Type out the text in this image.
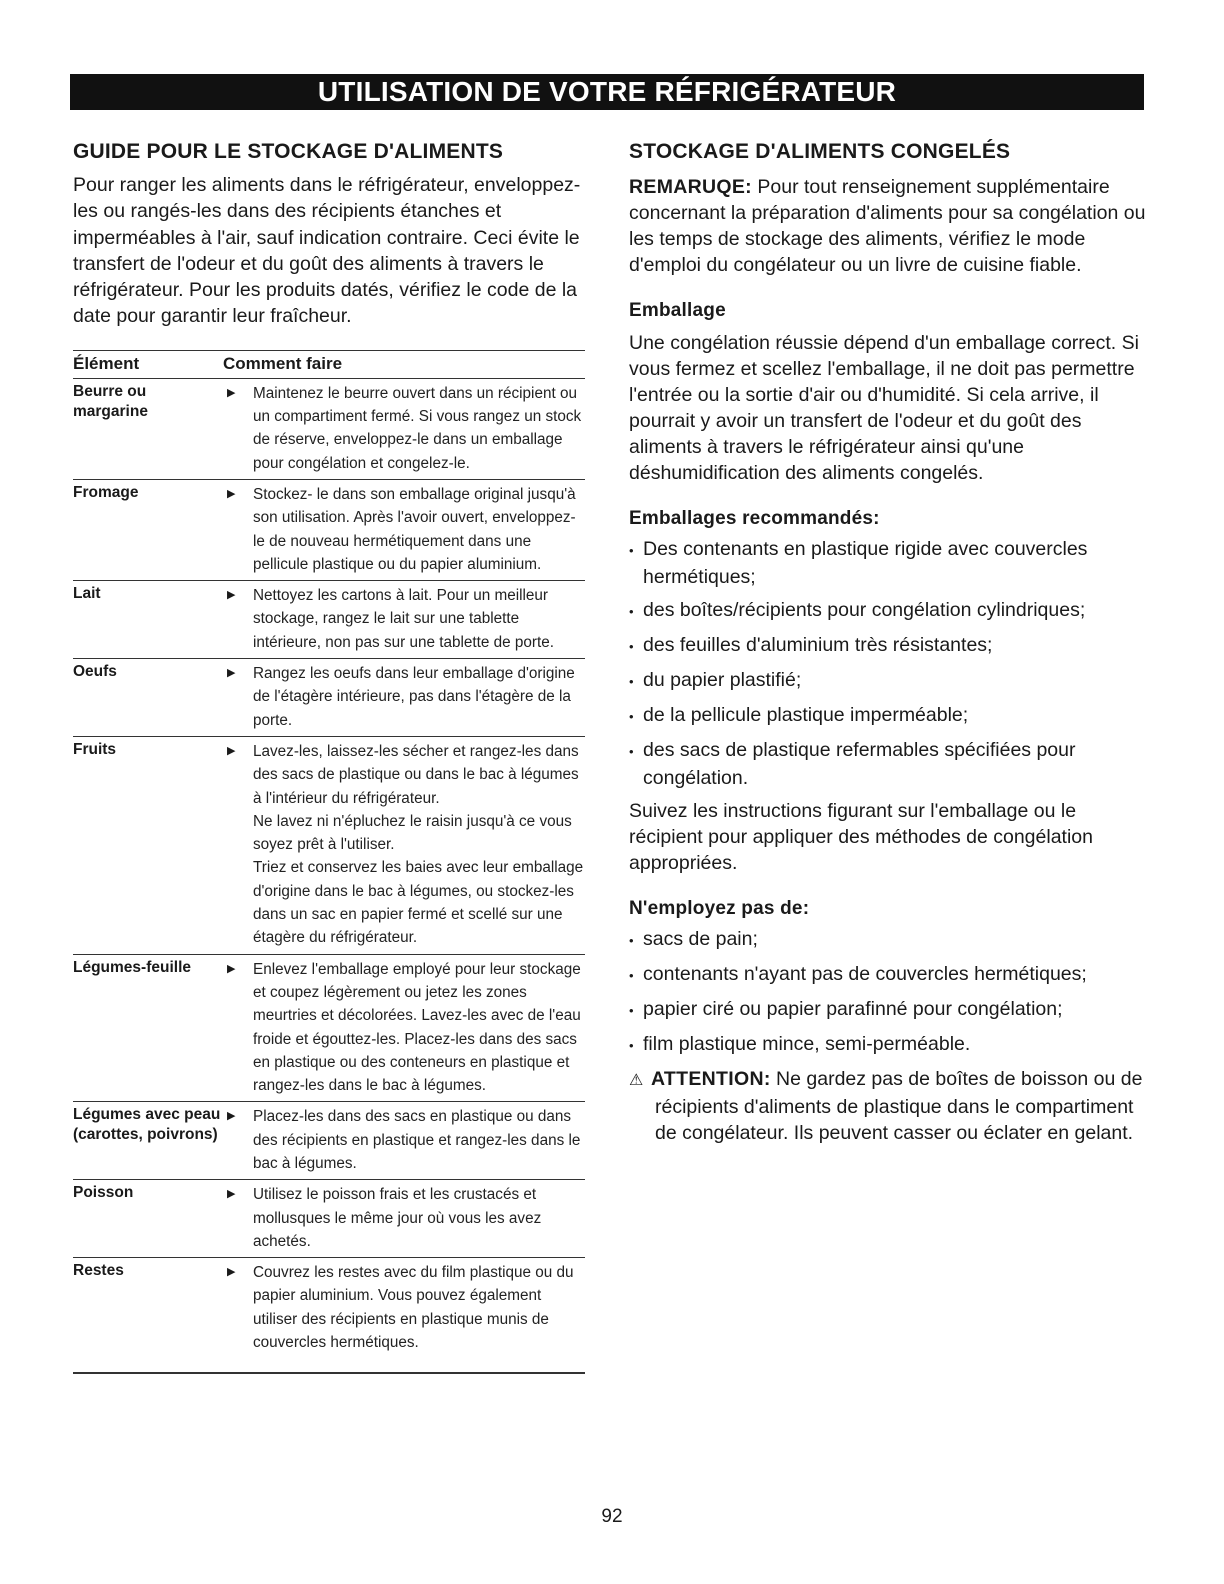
UTILISATION DE VOTRE RÉFRIGÉRATEUR
GUIDE POUR LE STOCKAGE D'ALIMENTS

Pour ranger les aliments dans le réfrigérateur, enveloppez-les ou rangés-les dans des récipients étanches et imperméables à l'air, sauf indication contraire. Ceci évite le transfert de l'odeur et du goût des aliments à travers le réfrigérateur. Pour les produits datés, vérifiez le code de la date pour garantir leur fraîcheur.

Élément	Comment faire	
Beurre ou margarine	▶	Maintenez le beurre ouvert dans un récipient ou un compartiment fermé. Si vous rangez un stock de réserve, enveloppez-le dans un emballage pour congélation et congelez-le.

Fromage	▶	Stockez- le dans son emballage original jusqu'à son utilisation. Après l'avoir ouvert, enveloppez-le de nouveau hermétiquement dans une pellicule plastique ou du papier aluminium.

Lait	▶	Nettoyez les cartons à lait. Pour un meilleur stockage, rangez le lait sur une tablette intérieure, non pas sur une tablette de porte.

Oeufs	▶	Rangez les oeufs dans leur emballage d'origine de l'étagère intérieure, pas dans l'étagère de la porte.

Fruits	▶	Lavez-les, laissez-les sécher et rangez-les dans des sacs de plastique ou dans le bac à légumes à l'intérieur du réfrigérateur.

Ne lavez ni n'épluchez le raisin jusqu'à ce vous soyez prêt à l'utiliser.

Triez et conservez les baies avec leur emballage d'origine dans le bac à légumes, ou stockez-les dans un sac en papier fermé et scellé sur une étagère du réfrigérateur.

Légumes-feuille	▶	Enlevez l'emballage employé pour leur stockage et coupez légèrement ou jetez les zones meurtries et décolorées. Lavez-les avec de l'eau froide et égouttez-les. Placez-les dans des sacs en plastique ou des conteneurs en plastique et rangez-les dans le bac à légumes.

Légumes avec peau (carottes, poivrons)	▶	Placez-les dans des sacs en plastique ou dans des récipients en plastique et rangez-les dans le bac à légumes.

Poisson	▶	Utilisez le poisson frais et les crustacés et mollusques le même jour où vous les avez achetés.

Restes	▶	Couvrez les restes avec du film plastique ou du papier aluminium. Vous pouvez également utiliser des récipients en plastique munis de couvercles hermétiques.

STOCKAGE D'ALIMENTS CONGELÉS

REMARUQE: Pour tout renseignement supplémentaire concernant la préparation d'aliments pour sa congélation ou les temps de stockage des aliments, vérifiez le mode d'emploi du congélateur ou un livre de cuisine fiable.

Emballage

Une congélation réussie dépend d'un emballage correct. Si vous fermez et scellez l'emballage, il ne doit pas permettre l'entrée ou la sortie d'air ou d'humidité. Si cela arrive, il pourrait y avoir un transfert de l'odeur et du goût des aliments à travers le réfrigérateur ainsi qu'une déshumidification des aliments congelés.

Emballages recommandés:
• Des contenants en plastique rigide avec couvercles hermétiques;
• des boîtes/récipients pour congélation cylindriques;
• des feuilles d'aluminium très résistantes;
• du papier plastifié;
• de la pellicule plastique imperméable;
• des sacs de plastique refermables spécifiées pour congélation.

Suivez les instructions figurant sur l'emballage ou le récipient pour appliquer des méthodes de congélation appropriées.

N'employez pas de:
• sacs de pain;
• contenants n'ayant pas de couvercles hermétiques;
• papier ciré ou papier parafinné pour congélation;
• film plastique mince, semi-perméable.

⚠ ATTENTION: Ne gardez pas de boîtes de boisson ou de récipients d'aliments de plastique dans le compartiment de congélateur. Ils peuvent casser ou éclater en gelant.

92
